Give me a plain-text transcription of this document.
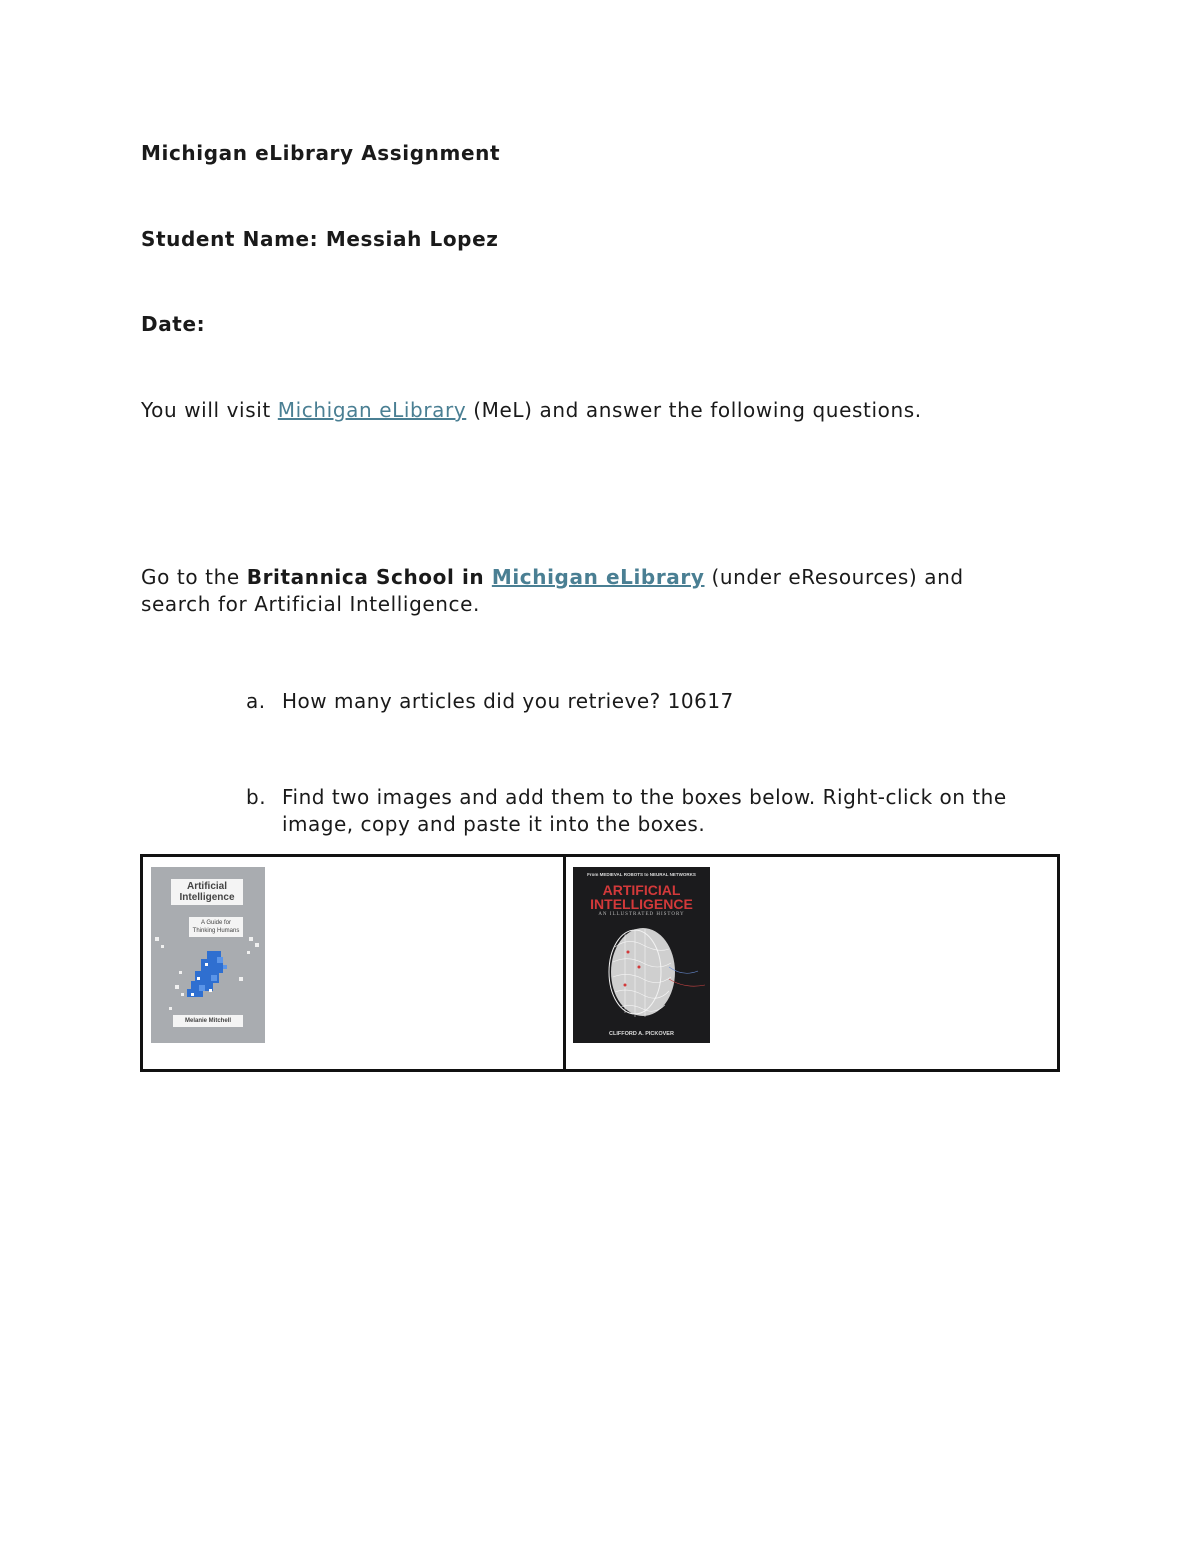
Michigan eLibrary Assignment
Student Name: Messiah Lopez
Date:
You will visit Michigan eLibrary (MeL) and answer the following questions.
Go to the Britannica School in Michigan eLibrary (under eResources) and
search for Artificial Intelligence.
a. How many articles did you retrieve? 10617
b. Find two images and add them to the boxes below. Right-click on the
image, copy and paste it into the boxes.

Artificial Intelligence
A Guide for Thinking Humans
Melanie Mitchell
From MEDIEVAL ROBOTS to NEURAL NETWORKS
ARTIFICIAL
INTELLIGENCE
AN ILLUSTRATED HISTORY
CLIFFORD A. PICKOVER
